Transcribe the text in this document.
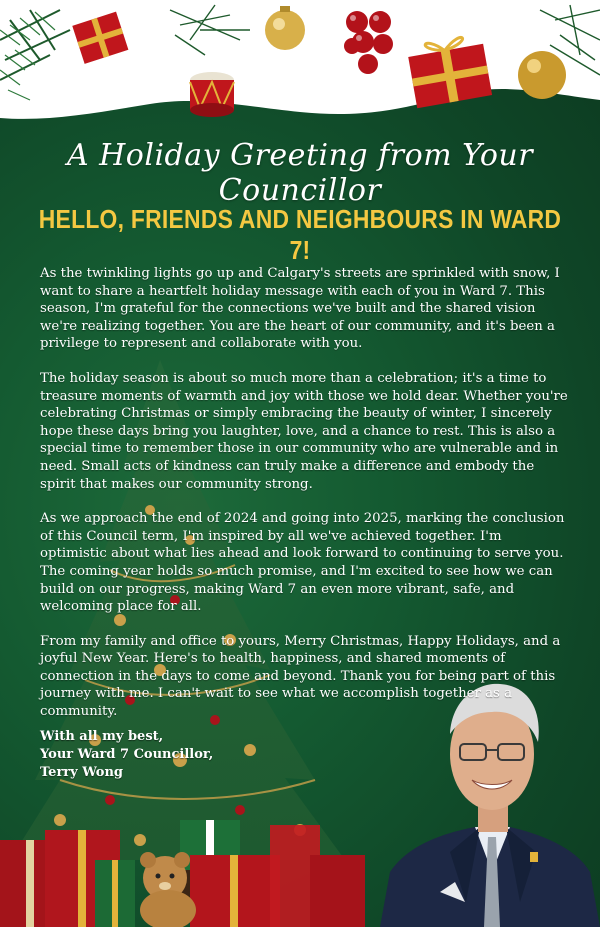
A Holiday Greeting from Your Councillor
HELLO, FRIENDS AND NEIGHBOURS IN WARD 7!

As the twinkling lights go up and Calgary's streets are sprinkled with snow, I want to share a heartfelt holiday message with each of you in Ward 7. This season, I'm grateful for the connections we've built and the shared vision we're realizing together. You are the heart of our community, and it's been a privilege to represent and collaborate with you.

The holiday season is about so much more than a celebration; it's a time to treasure moments of warmth and joy with those we hold dear. Whether you're celebrating Christmas or simply embracing the beauty of winter, I sincerely hope these days bring you laughter, love, and a chance to rest. This is also a special time to remember those in our community who are vulnerable and in need. Small acts of kindness can truly make a difference and embody the spirit that makes our community strong.

As we approach the end of 2024 and going into 2025, marking the conclusion of this Council term, I'm inspired by all we've achieved together. I'm optimistic about what lies ahead and look forward to continuing to serve you. The coming year holds so much promise, and I'm excited to see how we can build on our progress, making Ward 7 an even more vibrant, safe, and welcoming place for all.

From my family and office to yours, Merry Christmas, Happy Holidays, and a joyful New Year. Here's to health, happiness, and shared moments of connection in the days to come and beyond. Thank you for being part of this journey with me. I can't wait to see what we accomplish together as a community.

With all my best,
Your Ward 7 Councillor,
Terry Wong
